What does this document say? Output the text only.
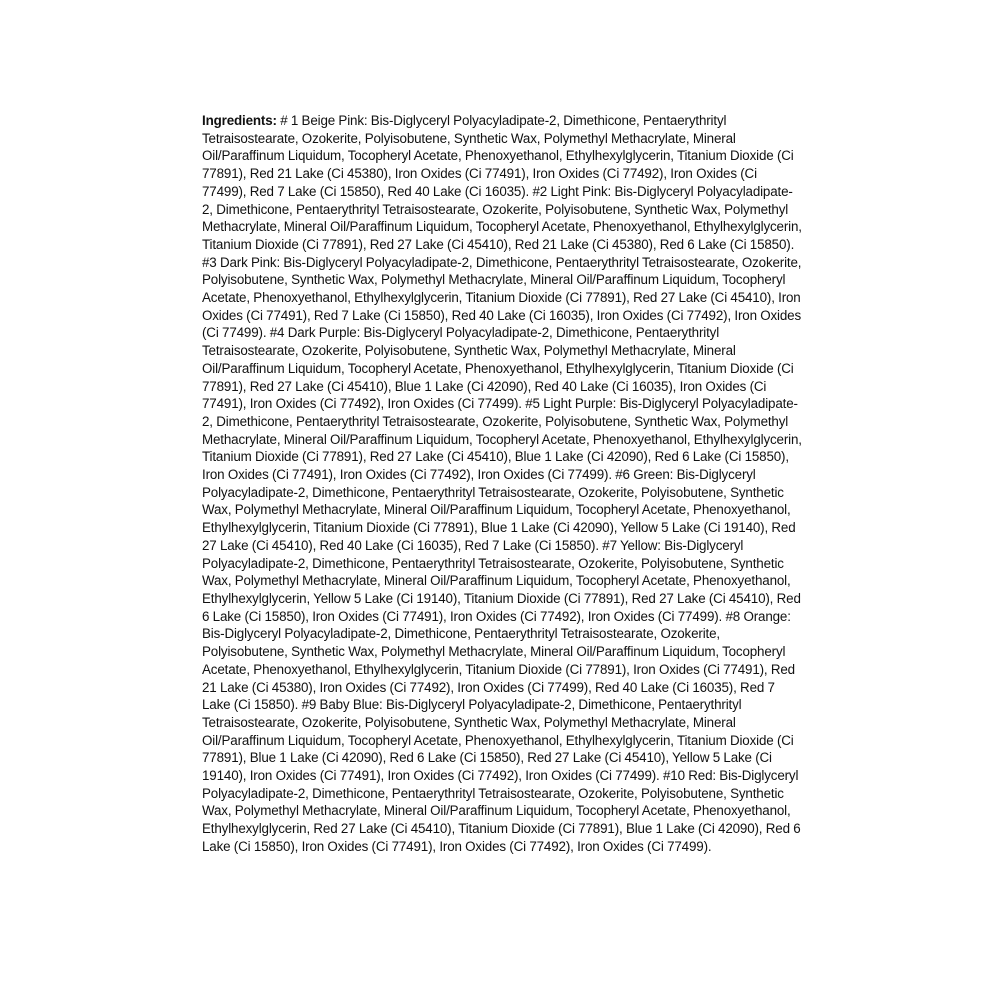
Ingredients: # 1 Beige Pink: Bis-Diglyceryl Polyacyladipate-2, Dimethicone, Pentaerythrityl Tetraisostearate, Ozokerite, Polyisobutene, Synthetic Wax, Polymethyl Methacrylate, Mineral Oil/Paraffinum Liquidum, Tocopheryl Acetate, Phenoxyethanol, Ethylhexylglycerin, Titanium Dioxide (Ci 77891), Red 21 Lake (Ci 45380), Iron Oxides (Ci 77491), Iron Oxides (Ci 77492), Iron Oxides (Ci 77499), Red 7 Lake (Ci 15850), Red 40 Lake (Ci 16035). #2 Light Pink: Bis-Diglyceryl Polyacyladipate-2, Dimethicone, Pentaerythrityl Tetraisostearate, Ozokerite, Polyisobutene, Synthetic Wax, Polymethyl Methacrylate, Mineral Oil/Paraffinum Liquidum, Tocopheryl Acetate, Phenoxyethanol, Ethylhexylglycerin, Titanium Dioxide (Ci 77891), Red 27 Lake (Ci 45410), Red 21 Lake (Ci 45380), Red 6 Lake (Ci 15850). #3 Dark Pink: Bis-Diglyceryl Polyacyladipate-2, Dimethicone, Pentaerythrityl Tetraisostearate, Ozokerite, Polyisobutene, Synthetic Wax, Polymethyl Methacrylate, Mineral Oil/Paraffinum Liquidum, Tocopheryl Acetate, Phenoxyethanol, Ethylhexylglycerin, Titanium Dioxide (Ci 77891), Red 27 Lake (Ci 45410), Iron Oxides (Ci 77491), Red 7 Lake (Ci 15850), Red 40 Lake (Ci 16035), Iron Oxides (Ci 77492), Iron Oxides (Ci 77499). #4 Dark Purple: Bis-Diglyceryl Polyacyladipate-2, Dimethicone, Pentaerythrityl Tetraisostearate, Ozokerite, Polyisobutene, Synthetic Wax, Polymethyl Methacrylate, Mineral Oil/Paraffinum Liquidum, Tocopheryl Acetate, Phenoxyethanol, Ethylhexylglycerin, Titanium Dioxide (Ci 77891), Red 27 Lake (Ci 45410), Blue 1 Lake (Ci 42090), Red 40 Lake (Ci 16035), Iron Oxides (Ci 77491), Iron Oxides (Ci 77492), Iron Oxides (Ci 77499). #5 Light Purple: Bis-Diglyceryl Polyacyladipate-2, Dimethicone, Pentaerythrityl Tetraisostearate, Ozokerite, Polyisobutene, Synthetic Wax, Polymethyl Methacrylate, Mineral Oil/Paraffinum Liquidum, Tocopheryl Acetate, Phenoxyethanol, Ethylhexylglycerin, Titanium Dioxide (Ci 77891), Red 27 Lake (Ci 45410), Blue 1 Lake (Ci 42090), Red 6 Lake (Ci 15850), Iron Oxides (Ci 77491), Iron Oxides (Ci 77492), Iron Oxides (Ci 77499). #6 Green: Bis-Diglyceryl Polyacyladipate-2, Dimethicone, Pentaerythrityl Tetraisostearate, Ozokerite, Polyisobutene, Synthetic Wax, Polymethyl Methacrylate, Mineral Oil/Paraffinum Liquidum, Tocopheryl Acetate, Phenoxyethanol, Ethylhexylglycerin, Titanium Dioxide (Ci 77891), Blue 1 Lake (Ci 42090), Yellow 5 Lake (Ci 19140), Red 27 Lake (Ci 45410), Red 40 Lake (Ci 16035), Red 7 Lake (Ci 15850). #7 Yellow: Bis-Diglyceryl Polyacyladipate-2, Dimethicone, Pentaerythrityl Tetraisostearate, Ozokerite, Polyisobutene, Synthetic Wax, Polymethyl Methacrylate, Mineral Oil/Paraffinum Liquidum, Tocopheryl Acetate, Phenoxyethanol, Ethylhexylglycerin, Yellow 5 Lake (Ci 19140), Titanium Dioxide (Ci 77891), Red 27 Lake (Ci 45410), Red 6 Lake (Ci 15850), Iron Oxides (Ci 77491), Iron Oxides (Ci 77492), Iron Oxides (Ci 77499). #8 Orange: Bis-Diglyceryl Polyacyladipate-2, Dimethicone, Pentaerythrityl Tetraisostearate, Ozokerite, Polyisobutene, Synthetic Wax, Polymethyl Methacrylate, Mineral Oil/Paraffinum Liquidum, Tocopheryl Acetate, Phenoxyethanol, Ethylhexylglycerin, Titanium Dioxide (Ci 77891), Iron Oxides (Ci 77491), Red 21 Lake (Ci 45380), Iron Oxides (Ci 77492), Iron Oxides (Ci 77499), Red 40 Lake (Ci 16035), Red 7 Lake (Ci 15850). #9 Baby Blue: Bis-Diglyceryl Polyacyladipate-2, Dimethicone, Pentaerythrityl Tetraisostearate, Ozokerite, Polyisobutene, Synthetic Wax, Polymethyl Methacrylate, Mineral Oil/Paraffinum Liquidum, Tocopheryl Acetate, Phenoxyethanol, Ethylhexylglycerin, Titanium Dioxide (Ci 77891), Blue 1 Lake (Ci 42090), Red 6 Lake (Ci 15850), Red 27 Lake (Ci 45410), Yellow 5 Lake (Ci 19140), Iron Oxides (Ci 77491), Iron Oxides (Ci 77492), Iron Oxides (Ci 77499). #10 Red: Bis-Diglyceryl Polyacyladipate-2, Dimethicone, Pentaerythrityl Tetraisostearate, Ozokerite, Polyisobutene, Synthetic Wax, Polymethyl Methacrylate, Mineral Oil/Paraffinum Liquidum, Tocopheryl Acetate, Phenoxyethanol, Ethylhexylglycerin, Red 27 Lake (Ci 45410), Titanium Dioxide (Ci 77891), Blue 1 Lake (Ci 42090), Red 6 Lake (Ci 15850), Iron Oxides (Ci 77491), Iron Oxides (Ci 77492), Iron Oxides (Ci 77499).
